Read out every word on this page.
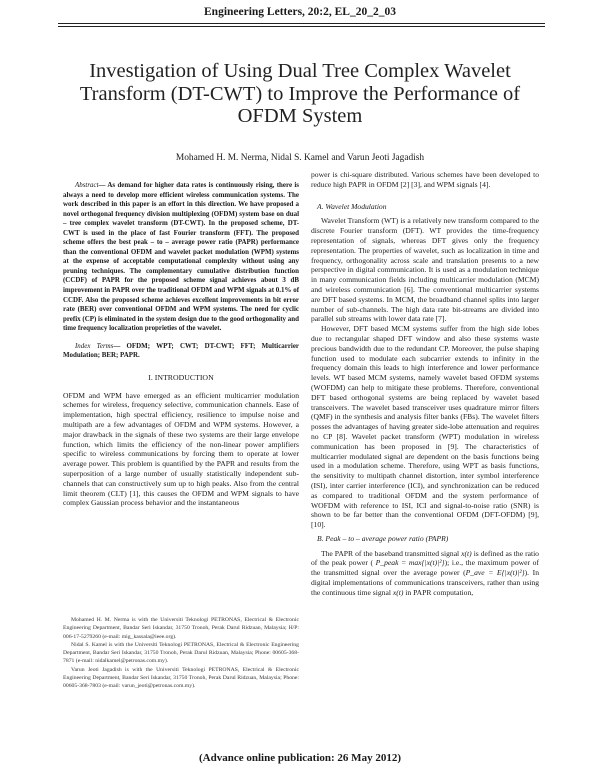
Engineering Letters, 20:2, EL_20_2_03
Investigation of Using Dual Tree Complex Wavelet Transform (DT-CWT) to Improve the Performance of OFDM System
Mohamed H. M. Nerma, Nidal S. Kamel and Varun Jeoti Jagadish

Abstract— As demand for higher data rates is continuously rising, there is always a need to develop more efficient wireless communication systems. The work described in this paper is an effort in this direction. We have proposed a novel orthogonal frequency division multiplexing (OFDM) system base on dual – tree complex wavelet transform (DT-CWT). In the proposed scheme, DT-CWT is used in the place of fast Fourier transform (FFT). The proposed scheme offers the best peak – to – average power ratio (PAPR) performance than the conventional OFDM and wavelet packet modulation (WPM) systems at the expense of acceptable computational complexity without using any pruning techniques. The complementary cumulative distribution function (CCDF) of PAPR for the proposed scheme signal achieves about 3 dB improvement in PAPR over the traditional OFDM and WPM signals at 0.1% of CCDF. Also the proposed scheme achieves excellent improvements in bit error rate (BER) over conventional OFDM and WPM systems. The need for cyclic prefix (CP) is eliminated in the system design due to the good orthogonality and time frequency localization proprieties of the wavelet.

Index Terms— OFDM; WPT; CWT; DT-CWT; FFT; Multicarrier Modulation; BER; PAPR.

I. INTRODUCTION

OFDM and WPM have emerged as an efficient multicarrier modulation schemes for wireless, frequency selective, communication channels. Ease of implementation, high spectral efficiency, resilience to impulse noise and multipath are a few advantages of OFDM and WPM systems. However, a major drawback in the signals of these two systems are their large envelope function, which limits the efficiency of the non-linear power amplifiers specific to wireless communications by forcing them to operate at lower average power. This problem is quantified by the PAPR and results from the superposition of a large number of usually statistically independent sub-channels that can constructively sum up to high peaks. Also from the central limit theorem (CLT) [1], this causes the OFDM and WPM signals to have complex Gaussian process behavior and the instantaneous

Mohamed H. M. Nerma is with the Universiti Teknologi PETRONAS, Electrical & Electronic Engineering Department, Bandar Seri Iskandar, 31750 Tronoh, Perak Darul Ridzuan, Malaysia; H/P: 006-17-5279260 (e-mail: mig_kassala@ieee.org).

Nidal S. Kamel is with the Universiti Teknologi PETRONAS, Electrical & Electronic Engineering Department, Bandar Seri Iskandar, 31750 Tronoh, Perak Darul Ridzuan, Malaysia; Phone: 00605-368-7871 (e-mail: nidalkamel@petronas.com.my).

Varun Jeoti Jagadish is with the Universiti Teknologi PETRONAS, Electrical & Electronic Engineering Department, Bandar Seri Iskandar, 31750 Tronoh, Perak Darul Ridzuan, Malaysia; Phone: 00605-368-7803 (e-mail: varun_jeoti@petronas.com.my).

power is chi-square distributed. Various schemes have been developed to reduce high PAPR in OFDM [2] [3], and WPM signals [4].

A. Wavelet Modulation

Wavelet Transform (WT) is a relatively new transform compared to the discrete Fourier transform (DFT). WT provides the time-frequency representation of signals, whereas DFT gives only the frequency representation. The properties of wavelet, such as localization in time and frequency, orthogonality across scale and translation presents to a new perspective in digital communication. It is used as a modulation technique in many communication fields including multicarrier modulation (MCM) and wireless communication [6]. The conventional multicarrier systems are DFT based systems. In MCM, the broadband channel splits into larger number of sub-channels. The high data rate bit-streams are divided into parallel sub streams with lower data rate [7].

However, DFT based MCM systems suffer from the high side lobes due to rectangular shaped DFT window and also these systems waste precious bandwidth due to the redundant CP. Moreover, the pulse shaping function used to modulate each subcarrier extends to infinity in the frequency domain this leads to high interference and lower performance levels. WT based MCM systems, namely wavelet based OFDM systems (WOFDM) can help to mitigate these problems. Therefore, conventional DFT based orthogonal systems are being replaced by wavelet based transceivers. The wavelet based transceiver uses quadrature mirror filters (QMF) in the synthesis and analysis filter banks (FBs). The wavelet filters posses the advantages of having greater side-lobe attenuation and requires no CP [8]. Wavelet packet transform (WPT) modulation in wireless communication has been proposed in [9]. The characteristics of multicarrier modulated signal are dependent on the basis functions being used in a modulation scheme. Therefore, using WPT as basis functions, the sensitivity to multipath channel distortion, inter symbol interference (ISI), inter carrier interference (ICI), and synchronization can be reduced as compared to traditional OFDM and the system performance of WOFDM with reference to ISI, ICI and signal-to-noise ratio (SNR) is shown to be far better than the conventional OFDM (DFT-OFDM) [9], [10].

B. Peak – to – average power ratio (PAPR)

The PAPR of the baseband transmitted signal x(t) is defined as the ratio of the peak power ( P_peak = max{|x(t)|²}); i.e., the maximum power of the transmitted signal over the average power (P_ave = E{|x(t)|²}). In digital implementations of communications transceivers, rather than using the continuous time signal x(t) in PAPR computation,

(Advance online publication: 26 May 2012)
